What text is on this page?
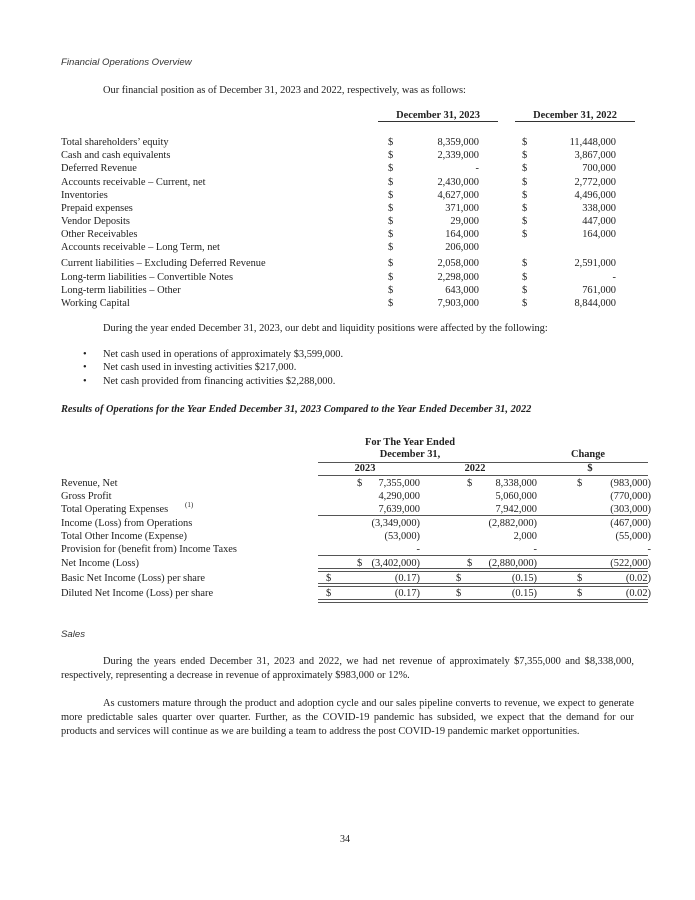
Financial Operations Overview
Our financial position as of December 31, 2023 and 2022, respectively, was as follows:
December 31, 2023	December 31, 2022
Total shareholders’ equity	$	8,359,000	$	11,448,000
Cash and cash equivalents	$	2,339,000	$	3,867,000
Deferred Revenue	$	-	$	700,000
Accounts receivable – Current, net	$	2,430,000	$	2,772,000
Inventories	$	4,627,000	$	4,496,000
Prepaid expenses	$	371,000	$	338,000
Vendor Deposits	$	29,000	$	447,000
Other Receivables	$	164,000	$	164,000
Accounts receivable – Long Term, net	$	206,000
Current liabilities – Excluding Deferred Revenue	$	2,058,000	$	2,591,000
Long-term liabilities – Convertible Notes	$	2,298,000	$	-
Long-term liabilities – Other	$	643,000	$	761,000
Working Capital	$	7,903,000	$	8,844,000
During the year ended December 31, 2023, our debt and liquidity positions were affected by the following:
• Net cash used in operations of approximately $3,599,000.
• Net cash used in investing activities $217,000.
• Net cash provided from financing activities $2,288,000.
Results of Operations for the Year Ended December 31, 2023 Compared to the Year Ended December 31, 2022
For The Year Ended
December 31,	Change
2023	2022	$
Revenue, Net	$ 7,355,000	$ 8,338,000	$	(983,000)
Gross Profit	4,290,000	5,060,000	(770,000)
Total Operating Expenses	7,639,000	7,942,000	(303,000)
(1)
Income (Loss) from Operations	(3,349,000)	(2,882,000)	(467,000)
Total Other Income (Expense)	(53,000)	2,000	(55,000)
Provision for (benefit from) Income Taxes	-	-	-
Net Income (Loss)	$ (3,402,000)	$ (2,880,000)	(522,000)
Basic Net Income (Loss) per share	$	(0.17)	$	(0.15)	$	(0.02)
Diluted Net Income (Loss) per share	$	(0.17)	$	(0.15)	$	(0.02)
Sales
During the years ended December 31, 2023 and 2022, we had net revenue of approximately $7,355,000 and $8,338,000, respectively, representing a decrease in revenue of approximately $983,000 or 12%.
As customers mature through the product and adoption cycle and our sales pipeline converts to revenue, we expect to generate more predictable sales quarter over quarter. Further, as the COVID-19 pandemic has subsided, we expect that the demand for our products and services will continue as we are building a team to address the post COVID-19 pandemic market opportunities.
34
